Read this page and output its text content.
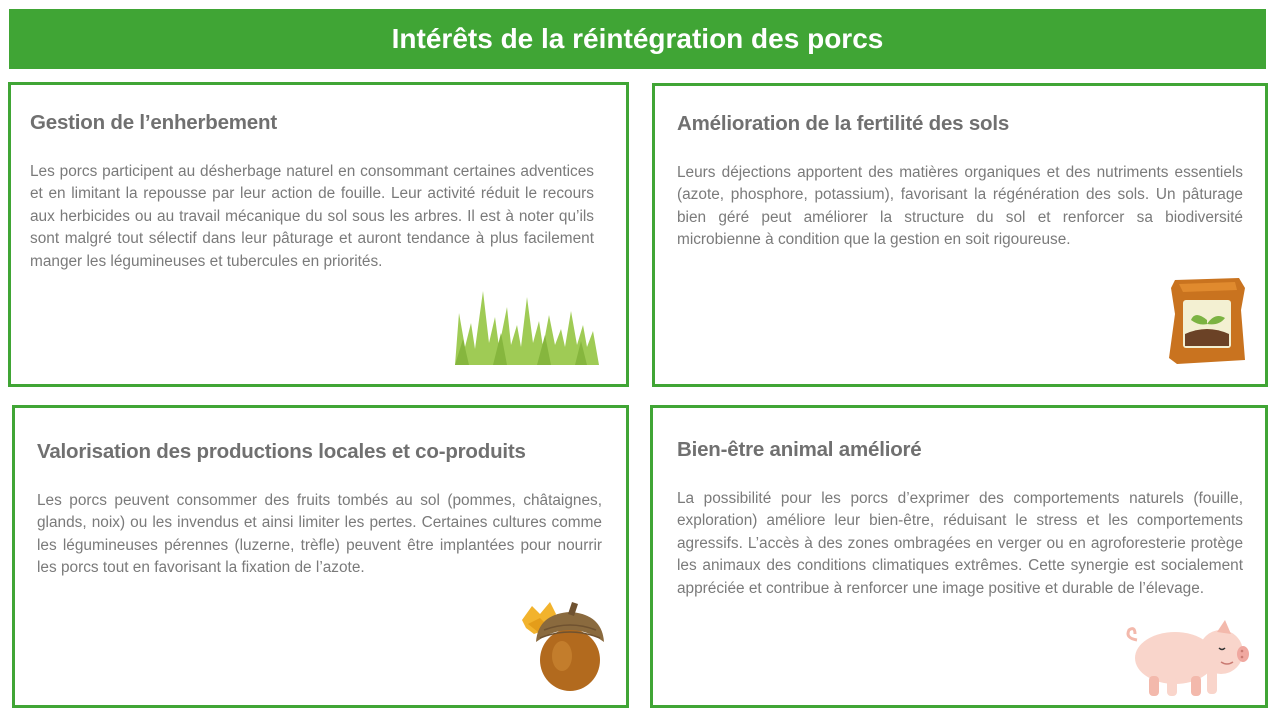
Intérêts de la réintégration des porcs
Gestion de l’enherbement
Les porcs participent au désherbage naturel en consommant certaines adventices et en limitant la repousse par leur action de fouille. Leur activité réduit le recours aux herbicides ou au travail mécanique du sol sous les arbres. Il est à noter qu’ils sont malgré tout sélectif dans leur pâturage et auront tendance à plus facilement manger les légumineuses et tubercules en priorités.
Amélioration de la fertilité des sols
Leurs déjections apportent des matières organiques et des nutriments essentiels (azote, phosphore, potassium), favorisant la régénération des sols. Un pâturage bien géré peut améliorer la structure du sol et renforcer sa biodiversité microbienne à condition que la gestion en soit rigoureuse.
Valorisation des productions locales et co-produits
Les porcs peuvent consommer des fruits tombés au sol (pommes, châtaignes, glands, noix) ou les invendus et ainsi limiter les pertes. Certaines cultures comme les légumineuses pérennes (luzerne, trèfle) peuvent être implantées pour nourrir les porcs tout en favorisant la fixation de l’azote.
Bien-être animal amélioré
La possibilité pour les porcs d’exprimer des comportements naturels (fouille, exploration) améliore leur bien-être, réduisant le stress et les comportements agressifs. L’accès à des zones ombragées en verger ou en agroforesterie protège les animaux des conditions climatiques extrêmes. Cette synergie est socialement appréciée et contribue à renforcer une image positive et durable de l’élevage.
